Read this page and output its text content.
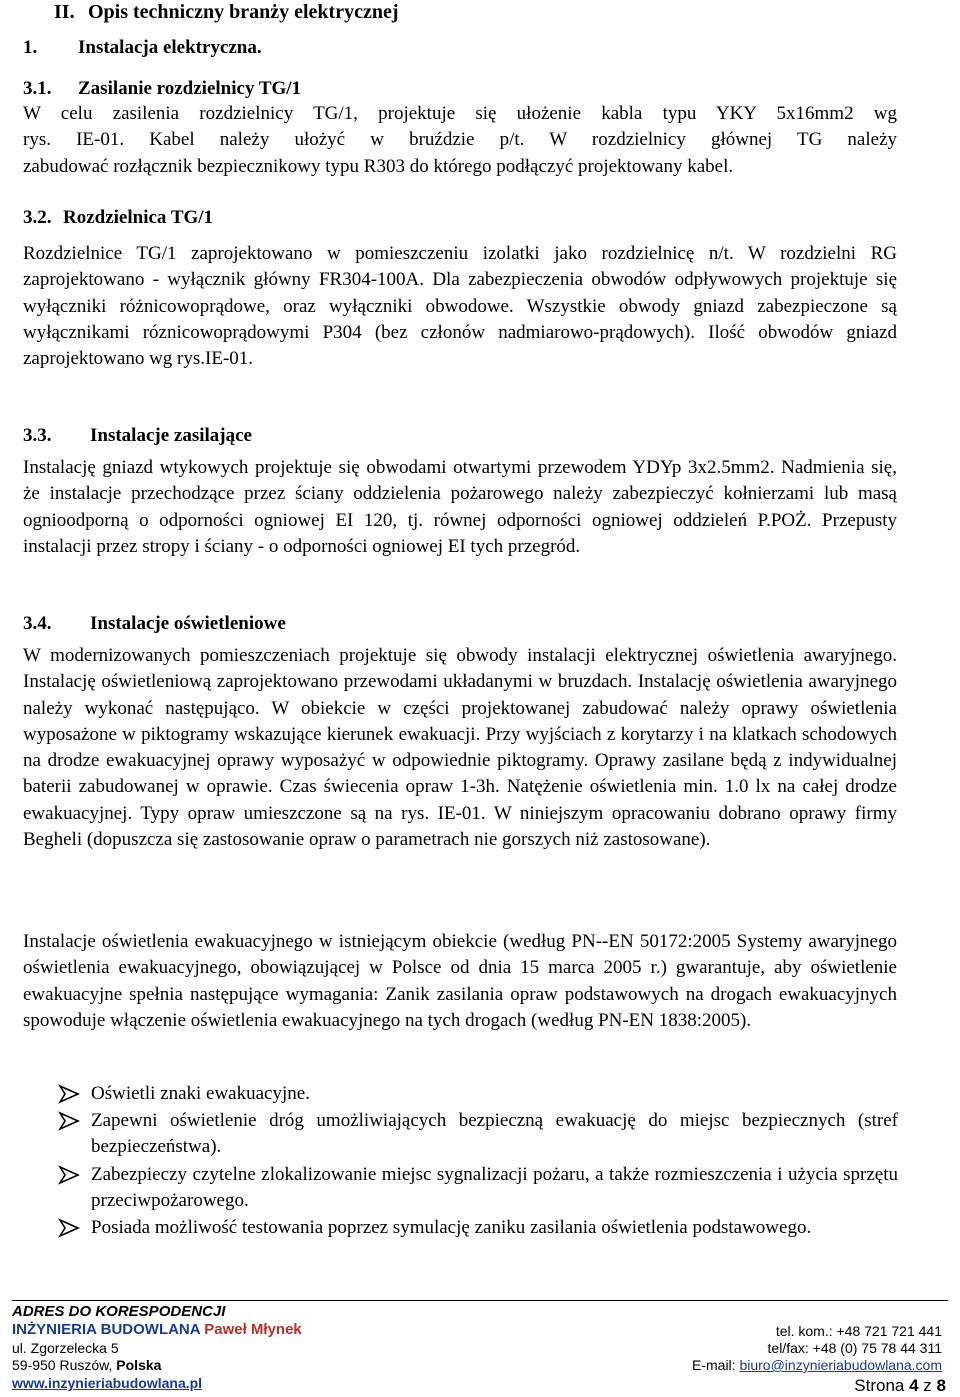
II. Opis techniczny branży elektrycznej
1. Instalacja elektryczna.
3.1. Zasilanie rozdzielnicy TG/1
W celu zasilenia rozdzielnicy TG/1, projektuje się ułożenie kabla typu YKY 5x16mm2 wg
rys. IE-01. Kabel należy ułożyć w bruździe p/t. W rozdzielnicy głównej TG należy
zabudować rozłącznik bezpiecznikowy typu R303 do którego podłączyć projektowany kabel.
3.2. Rozdzielnica TG/1

Rozdzielnice TG/1 zaprojektowano w pomieszczeniu izolatki jako rozdzielnicę n/t. W rozdzielni RG zaprojektowano - wyłącznik główny FR304-100A. Dla zabezpieczenia obwodów odpływowych projektuje się wyłączniki różnicowoprądowe, oraz wyłączniki obwodowe. Wszystkie obwody gniazd zabezpieczone są wyłącznikami róznicowoprądowymi P304 (bez członów nadmiarowo-prądowych). Ilość obwodów gniazd zaprojektowano wg rys.IE-01.

3.3. Instalacje zasilające

Instalację gniazd wtykowych projektuje się obwodami otwartymi przewodem YDYp 3x2.5mm2. Nadmienia się, że instalacje przechodzące przez ściany oddzielenia pożarowego należy zabezpieczyć kołnierzami lub masą ognioodporną o odporności ogniowej EI 120, tj. równej odporności ogniowej oddzieleń P.POŻ. Przepusty instalacji przez stropy i ściany - o odporności ogniowej EI tych przegród.

3.4. Instalacje oświetleniowe

W modernizowanych pomieszczeniach projektuje się obwody instalacji elektrycznej oświetlenia awaryjnego. Instalację oświetleniową zaprojektowano przewodami układanymi w bruzdach. Instalację oświetlenia awaryjnego należy wykonać następująco. W obiekcie w części projektowanej zabudować należy oprawy oświetlenia wyposażone w piktogramy wskazujące kierunek ewakuacji. Przy wyjściach z korytarzy i na klatkach schodowych na drodze ewakuacyjnej oprawy wyposażyć w odpowiednie piktogramy. Oprawy zasilane będą z indywidualnej baterii zabudowanej w oprawie. Czas świecenia opraw 1-3h. Natężenie oświetlenia min. 1.0 lx na całej drodze ewakuacyjnej. Typy opraw umieszczone są na rys. IE-01. W niniejszym opracowaniu dobrano oprawy firmy Begheli (dopuszcza się zastosowanie opraw o parametrach nie gorszych niż zastosowane).

Instalacje oświetlenia ewakuacyjnego w istniejącym obiekcie (według PN--EN 50172:2005 Systemy awaryjnego oświetlenia ewakuacyjnego, obowiązującej w Polsce od dnia 15 marca 2005 r.) gwarantuje, aby oświetlenie ewakuacyjne spełnia następujące wymagania: Zanik zasilania opraw podstawowych na drogach ewakuacyjnych spowoduje włączenie oświetlenia ewakuacyjnego na tych drogach (według PN-EN 1838:2005).

Oświetli znaki ewakuacyjne.
Zapewni oświetlenie dróg umożliwiających bezpieczną ewakuację do miejsc bezpiecznych (stref bezpieczeństwa).
Zabezpieczy czytelne zlokalizowanie miejsc sygnalizacji pożaru, a także rozmieszczenia i użycia sprzętu przeciwpożarowego.
Posiada możliwość testowania poprzez symulację zaniku zasilania oświetlenia podstawowego.
ADRES DO KORESPODENCJI
INŻYNIERIA BUDOWLANA Paweł Młynek
ul. Zgorzelecka 5
59-950 Ruszów, Polska
www.inzynieriabudowlana.pl
tel. kom.: +48 721 721 441
tel/fax: +48 (0) 75 78 44 311
E-mail: biuro@inzynieriabudowlana.com
Strona 4 z 8
